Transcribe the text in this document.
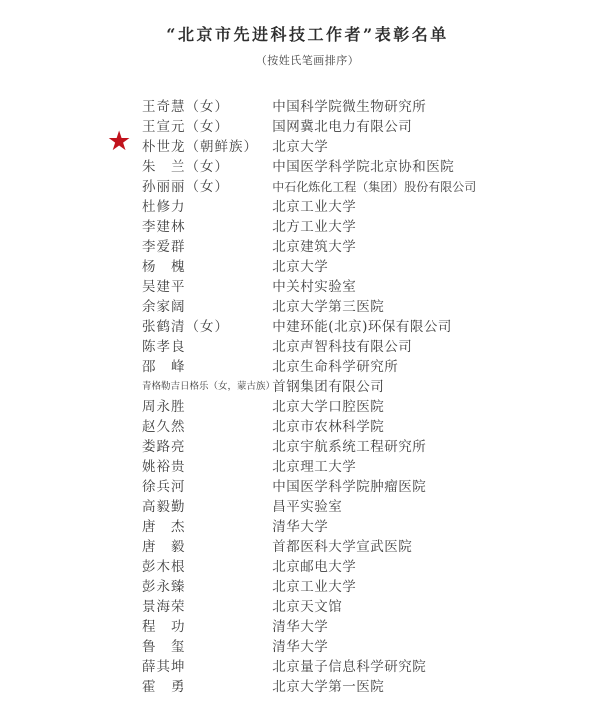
“北京市先进科技工作者”表彰名单
（按姓氏笔画排序）
王奇慧（女）	中国科学院微生物研究所
王宣元（女）	国网冀北电力有限公司
★ 朴世龙（朝鲜族） 北京大学
朱　兰（女）	中国医学科学院北京协和医院
孙丽丽（女）	中石化炼化工程（集团）股份有限公司
杜修力	北京工业大学
李建林	北方工业大学
李爱群	北京建筑大学
杨　槐	北京大学
吴建平	中关村实验室
余家阔	北京大学第三医院
张鹤清（女）	中建环能(北京)环保有限公司
陈孝良	北京声智科技有限公司
邵　峰	北京生命科学研究所
青格勒吉日格乐（女，蒙古族） 首钢集团有限公司
周永胜	北京大学口腔医院
赵久然	北京市农林科学院
娄路亮	北京宇航系统工程研究所
姚裕贵	北京理工大学
徐兵河	中国医学科学院肿瘤医院
高毅勤	昌平实验室
唐　杰	清华大学
唐　毅	首都医科大学宣武医院
彭木根	北京邮电大学
彭永臻	北京工业大学
景海荣	北京天文馆
程　功	清华大学
鲁　玺	清华大学
薛其坤	北京量子信息科学研究院
霍　勇	北京大学第一医院
